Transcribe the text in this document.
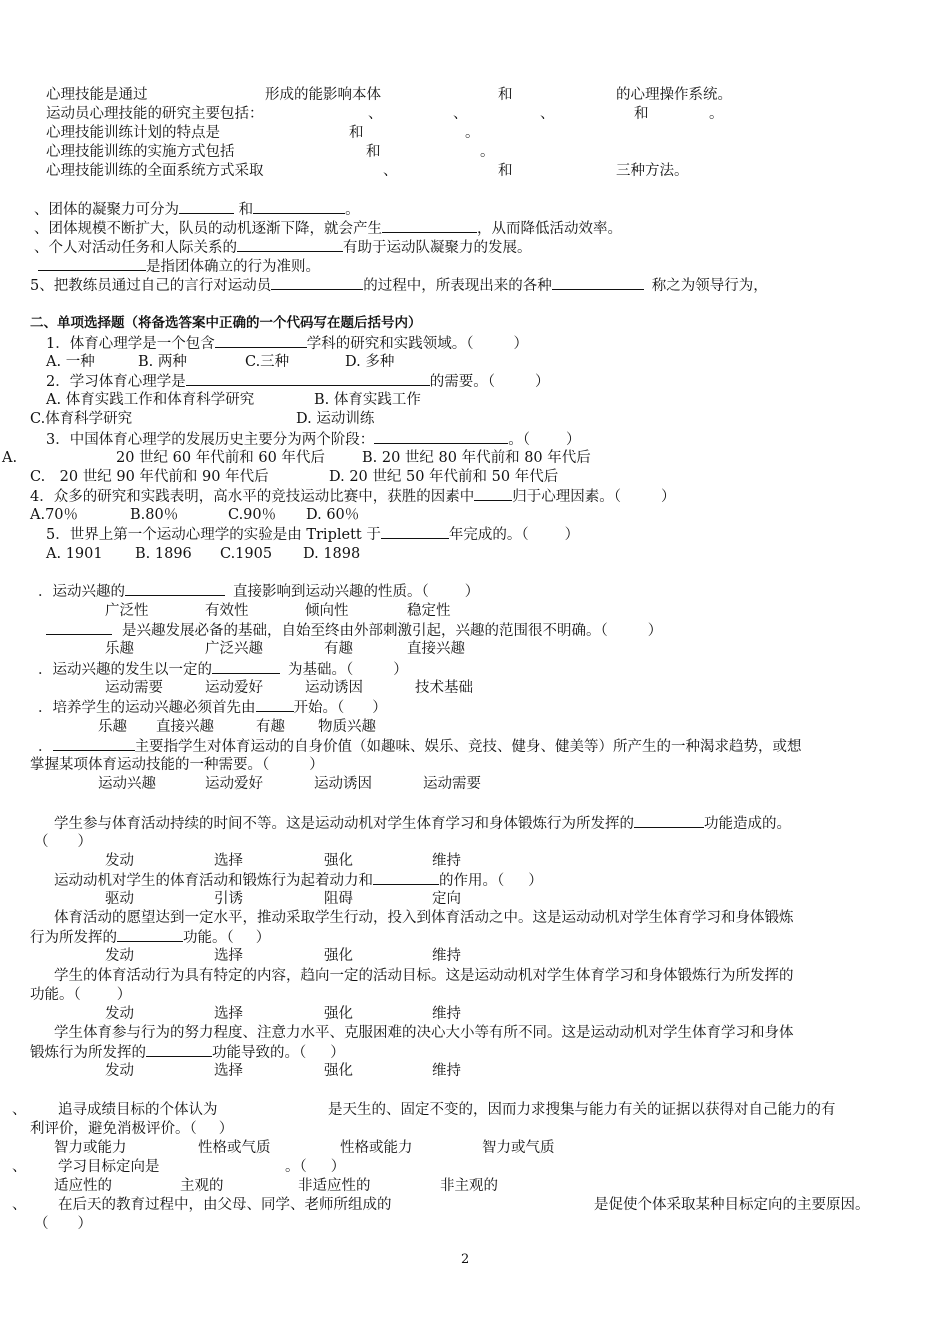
心理技能是通过	形成的能影响本体	和	的心理操作系统。
运动员心理技能的研究主要包括：	、	、	、	和	。
心理技能训练计划的特点是	和	。
心理技能训练的实施方式包括	和	。
心理技能训练的全面系统方式采取	、	和	三种方法。
、团体的凝聚力可分为	和	。
、团体规模不断扩大，队员的动机逐渐下降，就会产生	，从而降低活动效率。
、个人对活动任务和人际关系的	有助于运动队凝聚力的发展。
是指团体确立的行为准则。
5、把教练员通过自己的言行对运动员	的过程中，所表现出来的各种	称之为领导行为，
二、单项选择题（将备选答案中正确的一个代码写在题后括号内）
1．体育心理学是一个包含	学科的研究和实践领域。（	）
A. 一种	B. 两种	C.三种	D. 多种
2．学习体育心理学是	的需要。（	）
A. 体育实践工作和体育科学研究	B. 体育实践工作
C.体育科学研究	D. 运动训练
3．中国体育心理学的发展历史主要分为两个阶段：	。（ ）
A.	20 世纪 60 年代前和 60 年代后	B. 20 世纪 80 年代前和 80 年代后
C.　20 世纪 90 年代前和 90 年代后	D. 20 世纪 50 年代前和 50 年代后
4．众多的研究和实践表明，高水平的竞技运动比赛中，获胜的因素中	归于心理因素。（	）
A.70％	B.80％	C.90％ D. 60％
5．世界上第一个运动心理学的实验是由 Triplett 于	年完成的。（ ）
A. 1901 B. 1896 C.1905 D. 1898
．运动兴趣的	直接影响到运动兴趣的性质。（ ）
广泛性	有效性	倾向性	稳定性
是兴趣发展必备的基础，自始至终由外部刺激引起，兴趣的范围很不明确。（	）
乐趣	广泛兴趣	有趣	直接兴趣
．运动兴趣的发生以一定的	为基础。（	）
运动需要	运动爱好	运动诱因	技术基础
．培养学生的运动兴趣必须首先由	开始。（ ）
乐趣 直接兴趣	有趣 物质兴趣
．	主要指学生对体育运动的自身价值（如趣味、娱乐、竞技、健身、健美等）所产生的一种渴求趋势，或想
掌握某项体育运动技能的一种需要。（	）
运动兴趣	运动爱好	运动诱因	运动需要
学生参与体育活动持续的时间不等。这是运动动机对学生体育学习和身体锻炼行为所发挥的	功能造成的。
（　　）
发动	选择	强化	维持
运动动机对学生的体育活动和锻炼行为起着动力和	的作用。（ ）
驱动	引诱	阻碍	定向
体育活动的愿望达到一定水平，推动采取学生行动，投入到体育活动之中。这是运动动机对学生体育学习和身体锻炼
行为所发挥的	功能。（ ）
发动	选择	强化	维持
学生的体育活动行为具有特定的内容，趋向一定的活动目标。这是运动动机对学生体育学习和身体锻炼行为所发挥的
功能。（ ）
发动	选择	强化	维持
学生体育参与行为的努力程度、注意力水平、克服困难的决心大小等有所不同。这是运动动机对学生体育学习和身体
锻炼行为所发挥的	功能导致的。（ ）
发动	选择	强化	维持
、 追寻成绩目标的个体认为	是天生的、固定不变的，因而力求搜集与能力有关的证据以获得对自己能力的有
利评价，避免消极评价。（ ）
智力或能力	性格或气质	性格或能力	智力或气质
、 学习目标定向是	。（ ）
适应性的	主观的	非适应性的	非主观的
、 在后天的教育过程中，由父母、同学、老师所组成的	是促使个体采取某种目标定向的主要原因。
（　　）
2
